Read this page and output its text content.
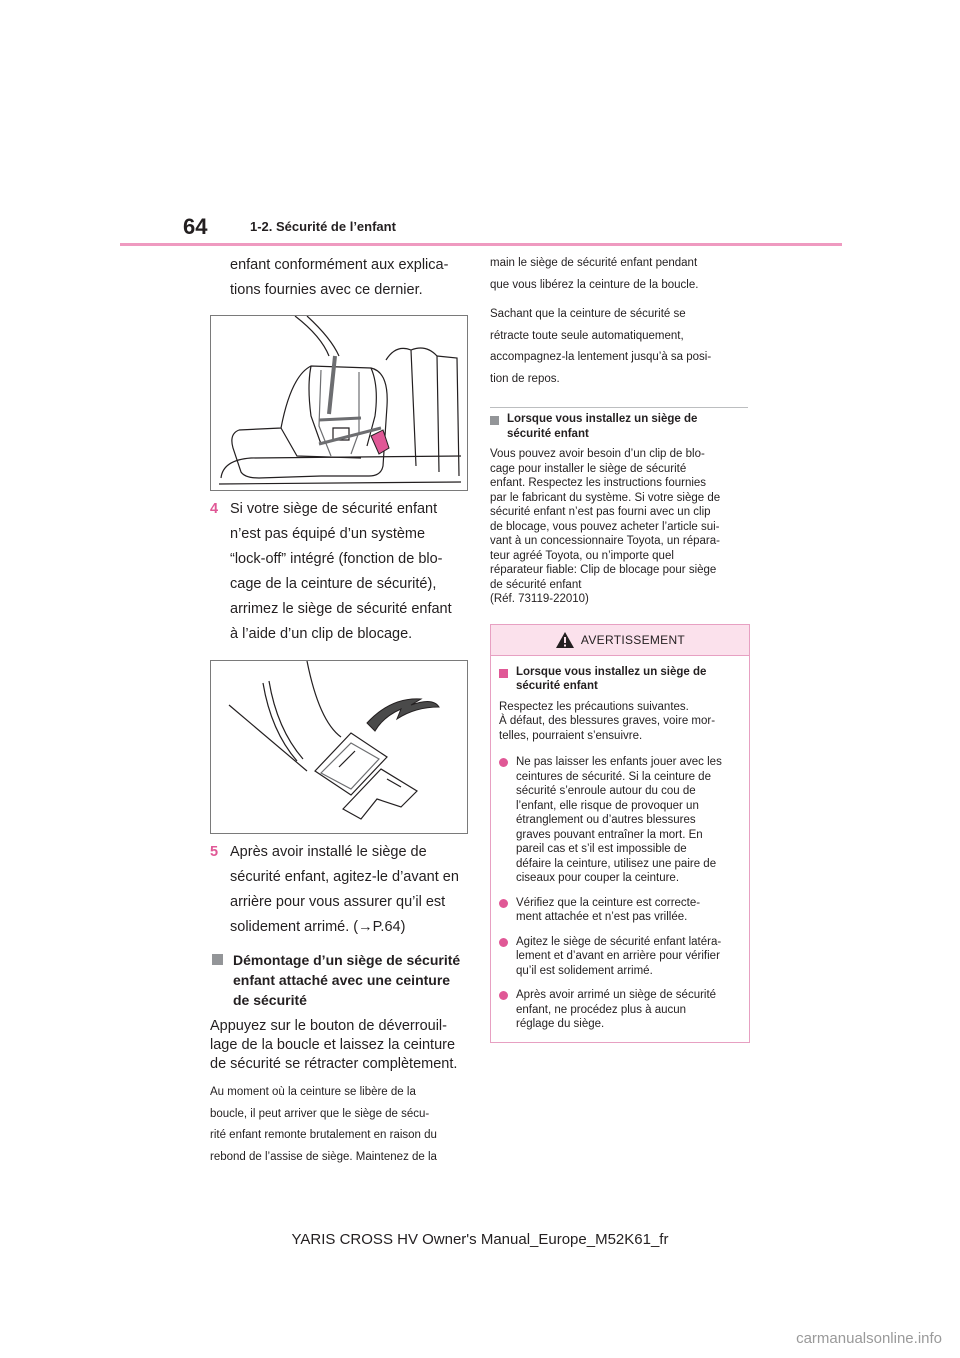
64	1-2. Sécurité de l’enfant
enfant conformément aux explica-
tions fournies avec ce dernier.
4 Si votre siège de sécurité enfant
n’est pas équipé d’un système
“lock-off” intégré (fonction de blo-
cage de la ceinture de sécurité),
arrimez le siège de sécurité enfant
à l’aide d’un clip de blocage.
5 Après avoir installé le siège de
sécurité enfant, agitez-le d’avant en
arrière pour vous assurer qu’il est
solidement arrimé. (→P.64)
Démontage d’un siège de sécurité
enfant attaché avec une ceinture
de sécurité
Appuyez sur le bouton de déverrouil-
lage de la boucle et laissez la ceinture
de sécurité se rétracter complètement.
Au moment où la ceinture se libère de la
boucle, il peut arriver que le siège de sécu-
rité enfant remonte brutalement en raison du
rebond de l’assise de siège. Maintenez de la
main le siège de sécurité enfant pendant
que vous libérez la ceinture de la boucle.
Sachant que la ceinture de sécurité se
rétracte toute seule automatiquement,
accompagnez-la lentement jusqu’à sa posi-
tion de repos.
Lorsque vous installez un siège de
sécurité enfant
Vous pouvez avoir besoin d’un clip de blo-
cage pour installer le siège de sécurité
enfant. Respectez les instructions fournies
par le fabricant du système. Si votre siège de
sécurité enfant n’est pas fourni avec un clip
de blocage, vous pouvez acheter l’article sui-
vant à un concessionnaire Toyota, un répara-
teur agréé Toyota, ou n’importe quel
réparateur fiable: Clip de blocage pour siège
de sécurité enfant
(Réf. 73119-22010)
AVERTISSEMENT
Lorsque vous installez un siège de
sécurité enfant
Respectez les précautions suivantes.
À défaut, des blessures graves, voire mor-
telles, pourraient s’ensuivre.
Ne pas laisser les enfants jouer avec les
ceintures de sécurité. Si la ceinture de
sécurité s’enroule autour du cou de
l’enfant, elle risque de provoquer un
étranglement ou d’autres blessures
graves pouvant entraîner la mort. En
pareil cas et s’il est impossible de
défaire la ceinture, utilisez une paire de
ciseaux pour couper la ceinture.
Vérifiez que la ceinture est correcte-
ment attachée et n’est pas vrillée.
Agitez le siège de sécurité enfant latéra-
lement et d’avant en arrière pour vérifier
qu’il est solidement arrimé.
Après avoir arrimé un siège de sécurité
enfant, ne procédez plus à aucun
réglage du siège.
YARIS CROSS HV Owner's Manual_Europe_M52K61_fr
carmanualsonline.info
